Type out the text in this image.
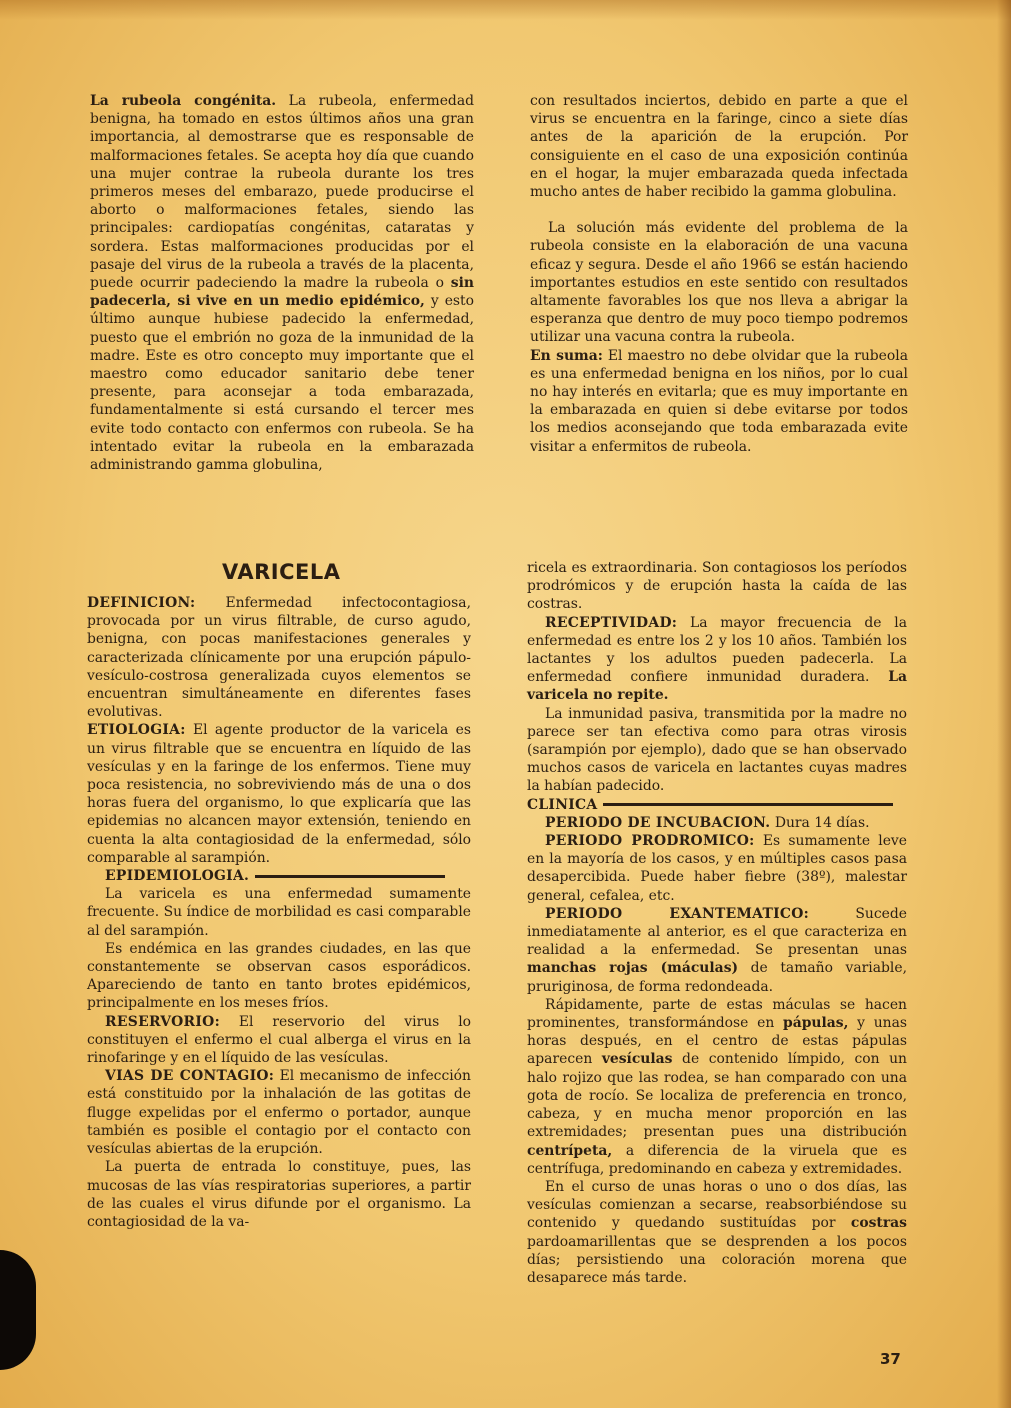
La rubeola congénita. La rubeola, enfermedad benigna, ha tomado en estos últimos años una gran importancia, al demostrarse que es responsable de malformaciones fetales. Se acepta hoy día que cuando una mujer contrae la rubeola durante los tres primeros meses del embarazo, puede producirse el aborto o malformaciones fetales, siendo las principales: cardiopatías congénitas, cataratas y sordera. Estas malformaciones producidas por el pasaje del virus de la rubeola a través de la placenta, puede ocurrir padeciendo la madre la rubeola o sin padecerla, si vive en un medio epidémico, y esto último aunque hubiese padecido la enfermedad, puesto que el embrión no goza de la inmunidad de la madre. Este es otro concepto muy importante que el maestro como educador sanitario debe tener presente, para aconsejar a toda embarazada, fundamentalmente si está cursando el tercer mes evite todo contacto con enfermos con rubeola. Se ha intentado evitar la rubeola en la embarazada administrando gamma globulina,

con resultados inciertos, debido en parte a que el virus se encuentra en la faringe, cinco a siete días antes de la aparición de la erupción. Por consiguiente en el caso de una exposición continúa en el hogar, la mujer embarazada queda infectada mucho antes de haber recibido la gamma globulina.

La solución más evidente del problema de la rubeola consiste en la elaboración de una vacuna eficaz y segura. Desde el año 1966 se están haciendo importantes estudios en este sentido con resultados altamente favorables los que nos lleva a abrigar la esperanza que dentro de muy poco tiempo podremos utilizar una vacuna contra la rubeola.

En suma: El maestro no debe olvidar que la rubeola es una enfermedad benigna en los niños, por lo cual no hay interés en evitarla; que es muy importante en la embarazada en quien si debe evitarse por todos los medios aconsejando que toda embarazada evite visitar a enfermitos de rubeola.

VARICELA

DEFINICION: Enfermedad infectocontagiosa, provocada por un virus filtrable, de curso agudo, benigna, con pocas manifestaciones generales y caracterizada clínicamente por una erupción pápulo-vesículo-costrosa generalizada cuyos elementos se encuentran simultáneamente en diferentes fases evolutivas.

ETIOLOGIA: El agente productor de la varicela es un virus filtrable que se encuentra en líquido de las vesículas y en la faringe de los enfermos. Tiene muy poca resistencia, no sobreviviendo más de una o dos horas fuera del organismo, lo que explicaría que las epidemias no alcancen mayor extensión, teniendo en cuenta la alta contagiosidad de la enfermedad, sólo comparable al sarampión.

EPIDEMIOLOGIA.

La varicela es una enfermedad sumamente frecuente. Su índice de morbilidad es casi comparable al del sarampión.

Es endémica en las grandes ciudades, en las que constantemente se observan casos esporádicos. Apareciendo de tanto en tanto brotes epidémicos, principalmente en los meses fríos.

RESERVORIO: El reservorio del virus lo constituyen el enfermo el cual alberga el virus en la rinofaringe y en el líquido de las vesículas.

VIAS DE CONTAGIO: El mecanismo de infección está constituido por la inhalación de las gotitas de flugge expelidas por el enfermo o portador, aunque también es posible el contagio por el contacto con vesículas abiertas de la erupción.

La puerta de entrada lo constituye, pues, las mucosas de las vías respiratorias superiores, a partir de las cuales el virus difunde por el organismo. La contagiosidad de la va-

ricela es extraordinaria. Son contagiosos los períodos prodrómicos y de erupción hasta la caída de las costras.

RECEPTIVIDAD: La mayor frecuencia de la enfermedad es entre los 2 y los 10 años. También los lactantes y los adultos pueden padecerla. La enfermedad confiere inmunidad duradera. La varicela no repite.

La inmunidad pasiva, transmitida por la madre no parece ser tan efectiva como para otras virosis (sarampión por ejemplo), dado que se han observado muchos casos de varicela en lactantes cuyas madres la habían padecido.

CLINICA

PERIODO DE INCUBACION. Dura 14 días.

PERIODO PRODROMICO: Es sumamente leve en la mayoría de los casos, y en múltiples casos pasa desapercibida. Puede haber fiebre (38º), malestar general, cefalea, etc.

PERIODO EXANTEMATICO: Sucede inmediatamente al anterior, es el que caracteriza en realidad a la enfermedad. Se presentan unas manchas rojas (máculas) de tamaño variable, pruriginosa, de forma redondeada.

Rápidamente, parte de estas máculas se hacen prominentes, transformándose en pápulas, y unas horas después, en el centro de estas pápulas aparecen vesículas de contenido límpido, con un halo rojizo que las rodea, se han comparado con una gota de rocío. Se localiza de preferencia en tronco, cabeza, y en mucha menor proporción en las extremidades; presentan pues una distribución centrípeta, a diferencia de la viruela que es centrífuga, predominando en cabeza y extremidades.

En el curso de unas horas o uno o dos días, las vesículas comienzan a secarse, reabsorbiéndose su contenido y quedando sustituídas por costras pardoamarillentas que se desprenden a los pocos días; persistiendo una coloración morena que desaparece más tarde.

37
